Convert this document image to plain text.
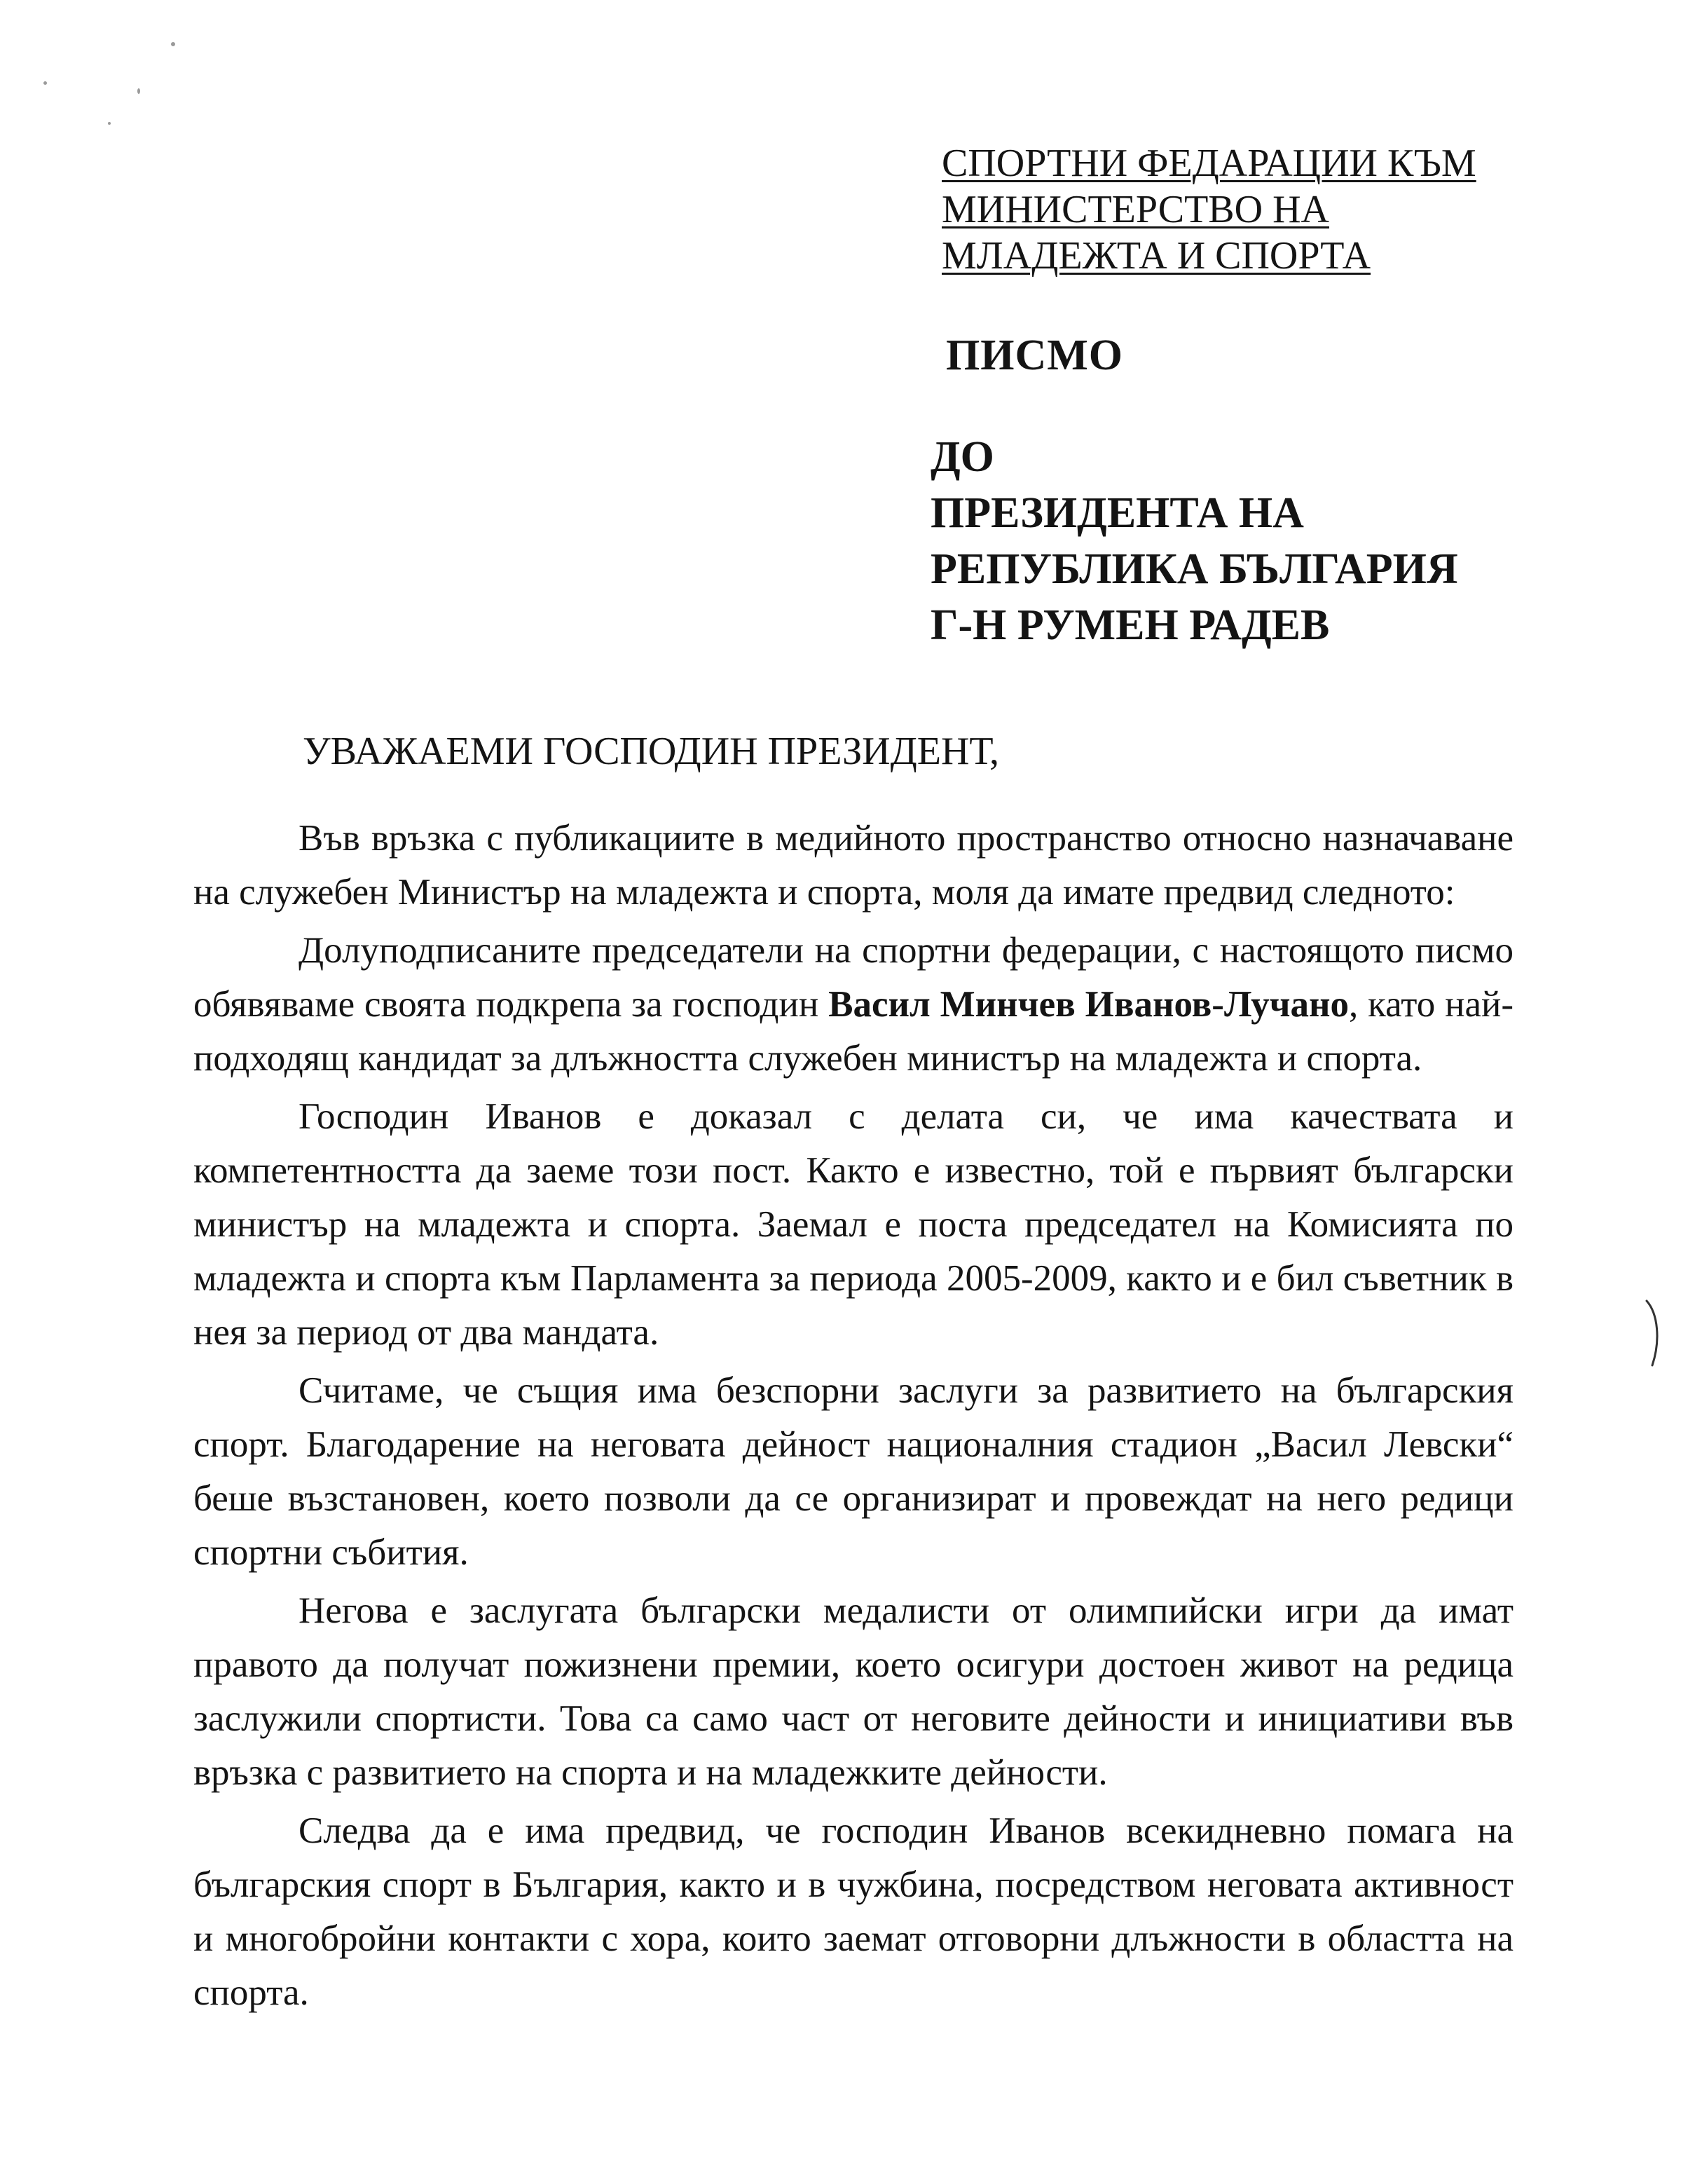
СПОРТНИ ФЕДАРАЦИИ КЪМ
МИНИСТЕРСТВО НА
МЛАДЕЖТА И СПОРТА
ПИСМО
ДО
ПРЕЗИДЕНТА НА
РЕПУБЛИКА БЪЛГАРИЯ
Г-Н РУМЕН РАДЕВ
УВАЖАЕМИ ГОСПОДИН ПРЕЗИДЕНТ,

Във връзка с публикациите в медийното пространство относно назначаване на служебен Министър на младежта и спорта, моля да имате предвид следното:

Долуподписаните председатели на спортни федерации, с настоящото писмо обявяваме своята подкрепа за господин Васил Минчев Иванов-Лучано, като най-подходящ кандидат за длъжността служебен министър на младежта и спорта.

Господин Иванов е доказал с делата си, че има качествата и компетентността да заеме този пост. Както е известно, той е първият български министър на младежта и спорта. Заемал е поста председател на Комисията по младежта и спорта към Парламента за периода 2005-2009, както и е бил съветник в нея за период от два мандата.

Считаме, че същия има безспорни заслуги за развитието на българския спорт. Благодарение на неговата дейност националния стадион „Васил Левски“ беше възстановен, което позволи да се организират и провеждат на него редици спортни събития.

Негова е заслугата български медалисти от олимпийски игри да имат правото да получат пожизнени премии, което осигури достоен живот на редица заслужили спортисти. Това са само част от неговите дейности и инициативи във връзка с развитието на спорта и на младежките дейности.

Следва да е има предвид, че господин Иванов всекидневно помага на българския спорт в България, както и в чужбина, посредством неговата активност и многобройни контакти с хора, които заемат отговорни длъжности в областта на спорта.
